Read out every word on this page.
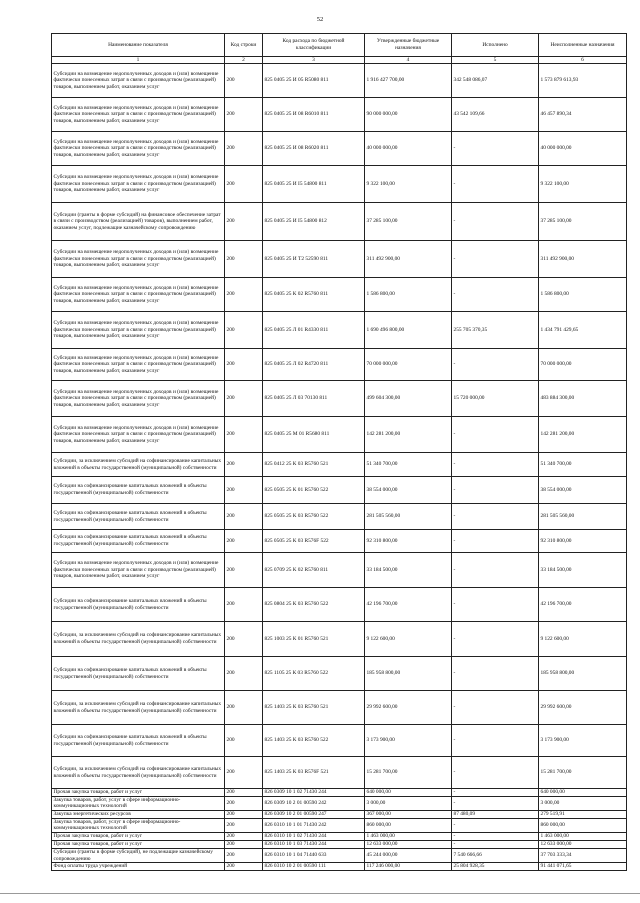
52
Наименование показателя	Код строки	Код расхода по бюджетной классификации	Утвержденные бюджетные назначения	Исполнено	Неисполненные назначения
1	2	3	4	5	6
Субсидии на возмещение недополученных доходов и (или) возмещение фактически понесенных затрат в связи с производством (реализацией) товаров, выполнением работ, оказанием услуг	200	825 0405 25 И 05 R5080 811	1 916 427 700,00	342 548 086,07	1 573 879 613,93
Субсидии на возмещение недополученных доходов и (или) возмещение фактически понесенных затрат в связи с производством (реализацией) товаров, выполнением работ, оказанием услуг	200	825 0405 25 И 08 R6010 811	90 000 000,00	43 542 109,66	46 457 890,34
Субсидии на возмещение недополученных доходов и (или) возмещение фактически понесенных затрат в связи с производством (реализацией) товаров, выполнением работ, оказанием услуг	200	825 0405 25 И 08 R6020 811	40 000 000,00	-	40 000 000,00
Субсидии на возмещение недополученных доходов и (или) возмещение фактически понесенных затрат в связи с производством (реализацией) товаров, выполнением работ, оказанием услуг	200	825 0405 25 И I5 54800 811	9 322 100,00	-	9 322 100,00
Субсидии (гранты в форме субсидий) на финансовое обеспечение затрат в связи с производством (реализацией) товаров), выполнением работ, оказанием услуг, подлежащие казначейскому сопровождению	200	825 0405 25 И I5 54800 812	37 285 100,00	-	37 285 100,00
Субсидии на возмещение недополученных доходов и (или) возмещение фактически понесенных затрат в связи с производством (реализацией) товаров, выполнением работ, оказанием услуг	200	825 0405 25 И T2 52590 811	311 492 900,00	-	311 492 900,00
Субсидии на возмещение недополученных доходов и (или) возмещение фактически понесенных затрат в связи с производством (реализацией) товаров, выполнением работ, оказанием услуг	200	825 0405 25 К 02 R5760 811	1 586 800,00	-	1 586 800,00
Субсидии на возмещение недополученных доходов и (или) возмещение фактически понесенных затрат в связи с производством (реализацией) товаров, выполнением работ, оказанием услуг	200	825 0405 25 Л 01 R4330 811	1 690 496 800,00	255 705 370,35	1 434 791 429,65
Субсидии на возмещение недополученных доходов и (или) возмещение фактически понесенных затрат в связи с производством (реализацией) товаров, выполнением работ, оказанием услуг	200	825 0405 25 Л 02 R4720 811	70 000 000,00	-	70 000 000,00
Субсидии на возмещение недополученных доходов и (или) возмещение фактически понесенных затрат в связи с производством (реализацией) товаров, выполнением работ, оказанием услуг	200	825 0405 25 Л 03 70130 811	499 604 300,00	15 720 000,00	483 884 300,00
Субсидии на возмещение недополученных доходов и (или) возмещение фактически понесенных затрат в связи с производством (реализацией) товаров, выполнением работ, оказанием услуг	200	825 0405 25 М 01 R5680 811	142 281 200,00	-	142 281 200,00
Субсидии, за исключением субсидий на софинансирование капитальных вложений в объекты государственной (муниципальной) собственности	200	825 0412 25 К 03 R5760 521	51 340 700,00	-	51 340 700,00
Субсидии на софинансирование капитальных вложений в объекты государственной (муниципальной) собственности	200	825 0505 25 К 01 R5760 522	38 554 000,00	-	38 554 000,00
Субсидии на софинансирование капитальных вложений в объекты государственной (муниципальной) собственности	200	825 0505 25 К 03 R5760 522	281 505 560,00	-	281 505 560,00
Субсидии на софинансирование капитальных вложений в объекты государственной (муниципальной) собственности	200	825 0505 25 К 03 R576F 522	92 310 800,00	-	92 310 800,00
Субсидии на возмещение недополученных доходов и (или) возмещение фактически понесенных затрат в связи с производством (реализацией) товаров, выполнением работ, оказанием услуг	200	825 0709 25 К 02 R5760 811	33 184 500,00	-	33 184 500,00
Субсидии на софинансирование капитальных вложений в объекты государственной (муниципальной) собственности	200	825 0804 25 К 03 R5760 522	42 196 700,00	-	42 196 700,00
Субсидии, за исключением субсидий на софинансирование капитальных вложений в объекты государственной (муниципальной) собственности	200	825 1003 25 К 01 R5760 521	9 122 600,00	-	9 122 600,00
Субсидии на софинансирование капитальных вложений в объекты государственной (муниципальной) собственности	200	825 1105 25 К 03 R5760 522	185 958 800,00	-	185 958 800,00
Субсидии, за исключением субсидий на софинансирование капитальных вложений в объекты государственной (муниципальной) собственности	200	825 1403 25 К 03 R5760 521	29 992 600,00	-	29 992 600,00
Субсидии на софинансирование капитальных вложений в объекты государственной (муниципальной) собственности	200	825 1403 25 К 03 R5760 522	3 173 900,00	-	3 173 900,00
Субсидии, за исключением субсидий на софинансирование капитальных вложений в объекты государственной (муниципальной) собственности	200	825 1403 25 К 03 R576F 521	15 281 700,00	-	15 281 700,00
Прочая закупка товаров, работ и услуг	200	826 0309 10 1 02 71430 244	640 000,00	-	640 000,00
Закупка товаров, работ, услуг в сфере информационно-коммуникационных технологий	200	826 0309 10 2 01 00590 242	3 000,00	-	3 000,00
Закупка энергетических ресурсов	200	826 0309 10 2 01 00590 247	367 000,00	87 480,09	279 519,91
Закупка товаров, работ, услуг в сфере информационно-коммуникационных технологий	200	826 0310 10 1 01 71430 242	860 000,00	-	860 000,00
Прочая закупка товаров, работ и услуг	200	826 0310 10 1 02 71430 244	1 463 000,00	-	1 463 000,00
Прочая закупка товаров, работ и услуг	200	826 0310 10 1 03 71430 244	12 633 000,00	-	12 633 000,00
Субсидии (гранты в форме субсидий), не подлежащие казначейскому сопровождению	200	826 0310 10 1 04 71440 633	45 244 000,00	7 540 666,66	37 703 333,34
Фонд оплаты труда учреждений	200	826 0310 10 2 01 00590 111	117 246 000,00	25 804 928,35	91 441 071,65
